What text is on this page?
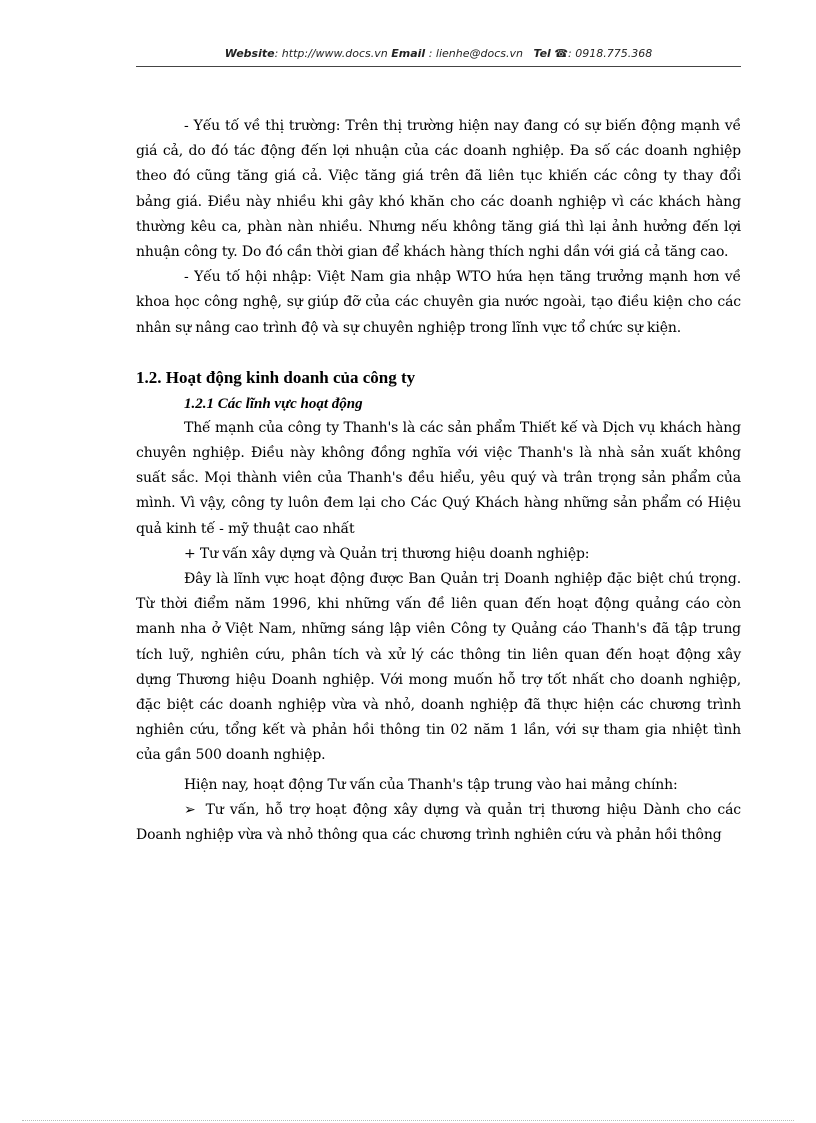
Website: http://www.docs.vn Email : lienhe@docs.vn Tel ☎: 0918.775.368

- Yếu tố về thị trường: Trên thị trường hiện nay đang có sự biến động mạnh về giá cả, do đó tác động đến lợi nhuận của các doanh nghiệp. Đa số các doanh nghiệp theo đó cũng tăng giá cả. Việc tăng giá trên đã liên tục khiến các công ty thay đổi bảng giá. Điều này nhiều khi gây khó khăn cho các doanh nghiệp vì các khách hàng thường kêu ca, phàn nàn nhiều. Nhưng nếu không tăng giá thì lại ảnh hưởng đến lợi nhuận công ty. Do đó cần thời gian để khách hàng thích nghi dần với giá cả tăng cao.

- Yếu tố hội nhập: Việt Nam gia nhập WTO hứa hẹn tăng trưởng mạnh hơn về khoa học công nghệ, sự giúp đỡ của các chuyên gia nước ngoài, tạo điều kiện cho các nhân sự nâng cao trình độ và sự chuyên nghiệp trong lĩnh vực tổ chức sự kiện.

1.2. Hoạt động kinh doanh của công ty
1.2.1 Các lĩnh vực hoạt động

Thế mạnh của công ty Thanh's là các sản phẩm Thiết kế và Dịch vụ khách hàng chuyên nghiệp. Điều này không đồng nghĩa với việc Thanh's là nhà sản xuất không suất sắc. Mọi thành viên của Thanh's đều hiểu, yêu quý và trân trọng sản phẩm của mình. Vì vậy, công ty luôn đem lại cho Các Quý Khách hàng những sản phẩm có Hiệu quả kinh tế - mỹ thuật cao nhất

+ Tư vấn xây dựng và Quản trị thương hiệu doanh nghiệp:

Đây là lĩnh vực hoạt động được Ban Quản trị Doanh nghiệp đặc biệt chú trọng. Từ thời điểm năm 1996, khi những vấn đề liên quan đến hoạt động quảng cáo còn manh nha ở Việt Nam, những sáng lập viên Công ty Quảng cáo Thanh's đã tập trung tích luỹ, nghiên cứu, phân tích và xử lý các thông tin liên quan đến hoạt động xây dựng Thương hiệu Doanh nghiệp. Với mong muốn hỗ trợ tốt nhất cho doanh nghiệp, đặc biệt các doanh nghiệp vừa và nhỏ, doanh nghiệp đã thực hiện các chương trình nghiên cứu, tổng kết và phản hồi thông tin 02 năm 1 lần, với sự tham gia nhiệt tình của gần 500 doanh nghiệp.

Hiện nay, hoạt động Tư vấn của Thanh's tập trung vào hai mảng chính:

➢ Tư vấn, hỗ trợ hoạt động xây dựng và quản trị thương hiệu Dành cho các Doanh nghiệp vừa và nhỏ thông qua các chương trình nghiên cứu và phản hồi thông
